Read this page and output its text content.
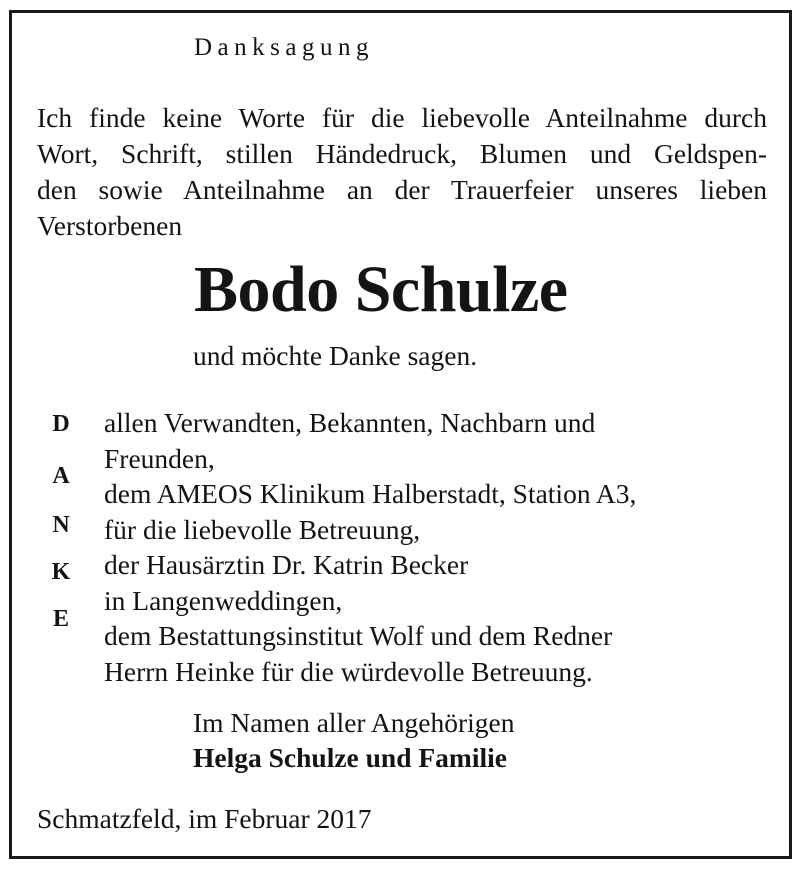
Danksagung
Ich finde keine Worte für die liebevolle Anteilnahme durch
Wort, Schrift, stillen Händedruck, Blumen und Geldspen-
den sowie Anteilnahme an der Trauerfeier unseres lieben
Verstorbenen
Bodo Schulze
und möchte Danke sagen.
D
A
N
K
E
allen Verwandten, Bekannten, Nachbarn und
Freunden,
dem AMEOS Klinikum Halberstadt, Station A3,
für die liebevolle Betreuung,
der Hausärztin Dr. Katrin Becker
in Langenweddingen,
dem Bestattungsinstitut Wolf und dem Redner
Herrn Heinke für die würdevolle Betreuung.
Im Namen aller Angehörigen
Helga Schulze und Familie
Schmatzfeld, im Februar 2017
